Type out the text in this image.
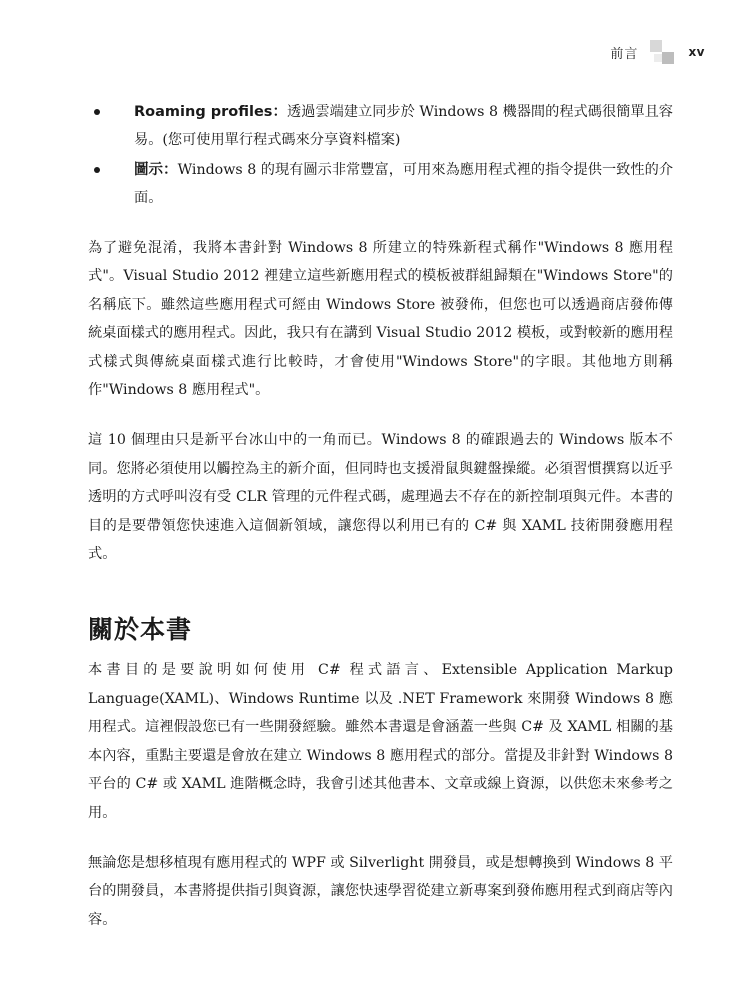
前言	xv
Roaming profiles：透過雲端建立同步於 Windows 8 機器間的程式碼很簡單且容易。(您可使用單行程式碼來分享資料檔案)
圖示：Windows 8 的現有圖示非常豐富，可用來為應用程式裡的指令提供一致性的介面。

為了避免混淆，我將本書針對 Windows 8 所建立的特殊新程式稱作"Windows 8 應用程式"。Visual Studio 2012 裡建立這些新應用程式的模板被群組歸類在"Windows Store"的名稱底下。雖然這些應用程式可經由 Windows Store 被發佈，但您也可以透過商店發佈傳統桌面樣式的應用程式。因此，我只有在講到 Visual Studio 2012 模板，或對較新的應用程式樣式與傳統桌面樣式進行比較時，才會使用"Windows Store"的字眼。其他地方則稱作"Windows 8 應用程式"。

這 10 個理由只是新平台冰山中的一角而已。Windows 8 的確跟過去的 Windows 版本不同。您將必須使用以觸控為主的新介面，但同時也支援滑鼠與鍵盤操縱。必須習慣撰寫以近乎透明的方式呼叫沒有受 CLR 管理的元件程式碼，處理過去不存在的新控制項與元件。本書的目的是要帶領您快速進入這個新領域，讓您得以利用已有的 C# 與 XAML 技術開發應用程式。

關於本書

本書目的是要說明如何使用 C# 程式語言、Extensible Application Markup Language(XAML)、Windows Runtime 以及 .NET Framework 來開發 Windows 8 應用程式。這裡假設您已有一些開發經驗。雖然本書還是會涵蓋一些與 C# 及 XAML 相關的基本內容，重點主要還是會放在建立 Windows 8 應用程式的部分。當提及非針對 Windows 8 平台的 C# 或 XAML 進階概念時，我會引述其他書本、文章或線上資源，以供您未來參考之用。

無論您是想移植現有應用程式的 WPF 或 Silverlight 開發員，或是想轉換到 Windows 8 平台的開發員，本書將提供指引與資源，讓您快速學習從建立新專案到發佈應用程式到商店等內容。
